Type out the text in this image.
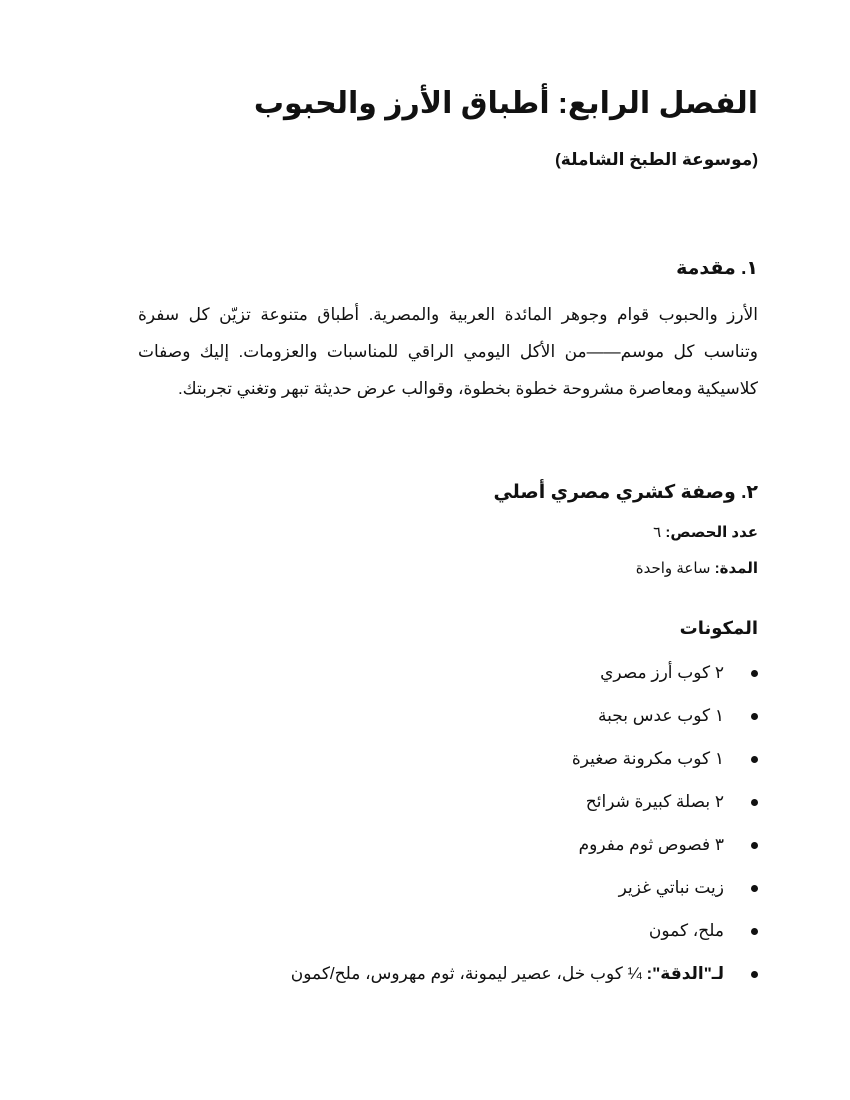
الفصل الرابع: أطباق الأرز والحبوب
(موسوعة الطبخ الشاملة)
١. مقدمة

الأرز والحبوب قوام وجوهر المائدة العربية والمصرية. أطباق متنوعة تزيّن كل سفرة وتناسب كل موسم——من الأكل اليومي الراقي للمناسبات والعزومات. إليك وصفات كلاسيكية ومعاصرة مشروحة خطوة بخطوة، وقوالب عرض حديثة تبهر وتغني تجربتك.

٢. وصفة كشري مصري أصلي
عدد الحصص: ٦
المدة: ساعة واحدة
المكونات
٢ كوب أرز مصري
١ كوب عدس بجبة
١ كوب مكرونة صغيرة
٢ بصلة كبيرة شرائح
٣ فصوص ثوم مفروم
زيت نباتي غزير
ملح، كمون
لـ"الدقة": ¼ كوب خل، عصير ليمونة، ثوم مهروس، ملح/كمون
